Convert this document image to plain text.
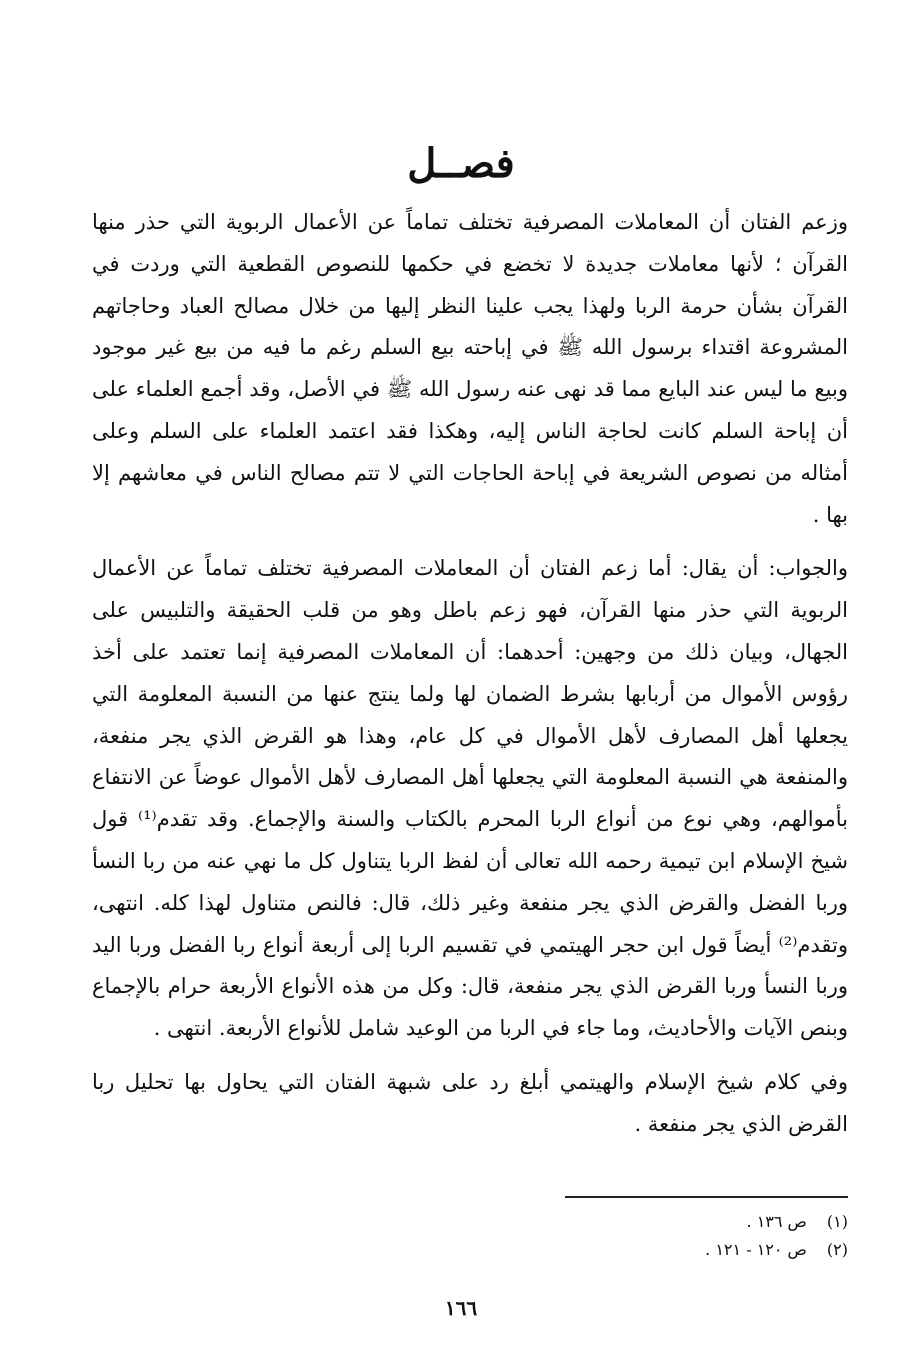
فصــل

وزعم الفتان أن المعاملات المصرفية تختلف تماماً عن الأعمال الربوية التي حذر منها القرآن ؛ لأنها معاملات جديدة لا تخضع في حكمها للنصوص القطعية التي وردت في القرآن بشأن حرمة الربا ولهذا يجب علينا النظر إليها من خلال مصالح العباد وحاجاتهم المشروعة اقتداء برسول الله ﷺ في إباحته بيع السلم رغم ما فيه من بيع غير موجود وبيع ما ليس عند البايع مما قد نهى عنه رسول الله ﷺ في الأصل، وقد أجمع العلماء على أن إباحة السلم كانت لحاجة الناس إليه، وهكذا فقد اعتمد العلماء على السلم وعلى أمثاله من نصوص الشريعة في إباحة الحاجات التي لا تتم مصالح الناس في معاشهم إلا بها .

والجواب: أن يقال: أما زعم الفتان أن المعاملات المصرفية تختلف تماماً عن الأعمال الربوية التي حذر منها القرآن، فهو زعم باطل وهو من قلب الحقيقة والتلبيس على الجهال، وبيان ذلك من وجهين: أحدهما: أن المعاملات المصرفية إنما تعتمد على أخذ رؤوس الأموال من أربابها بشرط الضمان لها ولما ينتج عنها من النسبة المعلومة التي يجعلها أهل المصارف لأهل الأموال في كل عام، وهذا هو القرض الذي يجر منفعة، والمنفعة هي النسبة المعلومة التي يجعلها أهل المصارف لأهل الأموال عوضاً عن الانتفاع بأموالهم، وهي نوع من أنواع الربا المحرم بالكتاب والسنة والإجماع. وقد تقدم⁽¹⁾ قول شيخ الإسلام ابن تيمية رحمه الله تعالى أن لفظ الربا يتناول كل ما نهي عنه من ربا النسأ وربا الفضل والقرض الذي يجر منفعة وغير ذلك، قال: فالنص متناول لهذا كله. انتهى، وتقدم⁽²⁾ أيضاً قول ابن حجر الهيتمي في تقسيم الربا إلى أربعة أنواع ربا الفضل وربا اليد وربا النسأ وربا القرض الذي يجر منفعة، قال: وكل من هذه الأنواع الأربعة حرام بالإجماع وبنص الآيات والأحاديث، وما جاء في الربا من الوعيد شامل للأنواع الأربعة. انتهى .

وفي كلام شيخ الإسلام والهيتمي أبلغ رد على شبهة الفتان التي يحاول بها تحليل ربا القرض الذي يجر منفعة .

(١) ص ١٣٦ .
(٢) ص ١٢٠ - ١٢١ .
١٦٦
